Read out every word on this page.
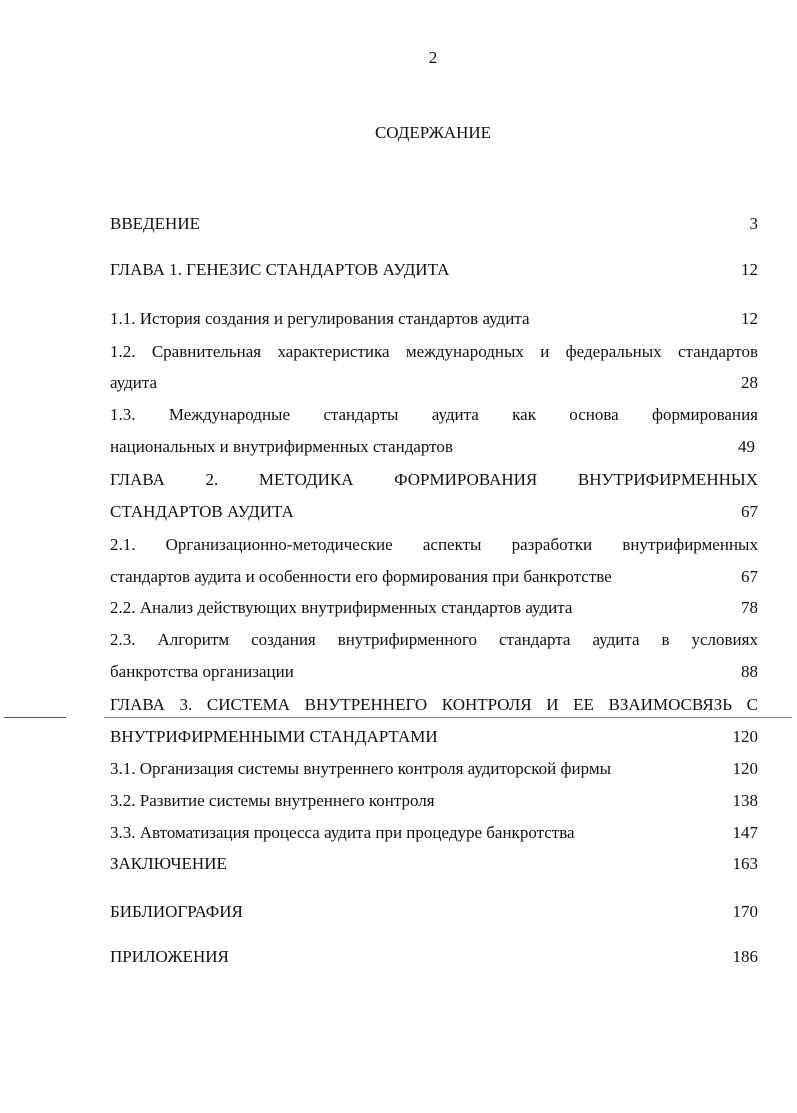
2
СОДЕРЖАНИЕ
ВВЕДЕНИЕ	3
ГЛАВА 1. ГЕНЕЗИС СТАНДАРТОВ АУДИТА	12
1.1. История создания и регулирования стандартов аудита	12
1.2. Сравнительная характеристика международных и федеральных стандартов
аудита	28
1.3. Международные стандарты аудита как основа формирования
национальных и внутрифирменных стандартов	49
ГЛАВА 2. МЕТОДИКА ФОРМИРОВАНИЯ ВНУТРИФИРМЕННЫХ
СТАНДАРТОВ АУДИТА	67
2.1. Организационно-методические аспекты разработки внутрифирменных
стандартов аудита и особенности его формирования при банкротстве	67
2.2. Анализ действующих внутрифирменных стандартов аудита	78
2.3. Алгоритм создания внутрифирменного стандарта аудита в условиях
банкротства организации	88
ГЛАВА 3. СИСТЕМА ВНУТРЕННЕГО КОНТРОЛЯ И ЕЕ ВЗАИМОСВЯЗЬ С
ВНУТРИФИРМЕННЫМИ СТАНДАРТАМИ	120
3.1. Организация системы внутреннего контроля аудиторской фирмы	120
3.2. Развитие системы внутреннего контроля	138
3.3. Автоматизация процесса аудита при процедуре банкротства	147
ЗАКЛЮЧЕНИЕ	163
БИБЛИОГРАФИЯ	170
ПРИЛОЖЕНИЯ	186
